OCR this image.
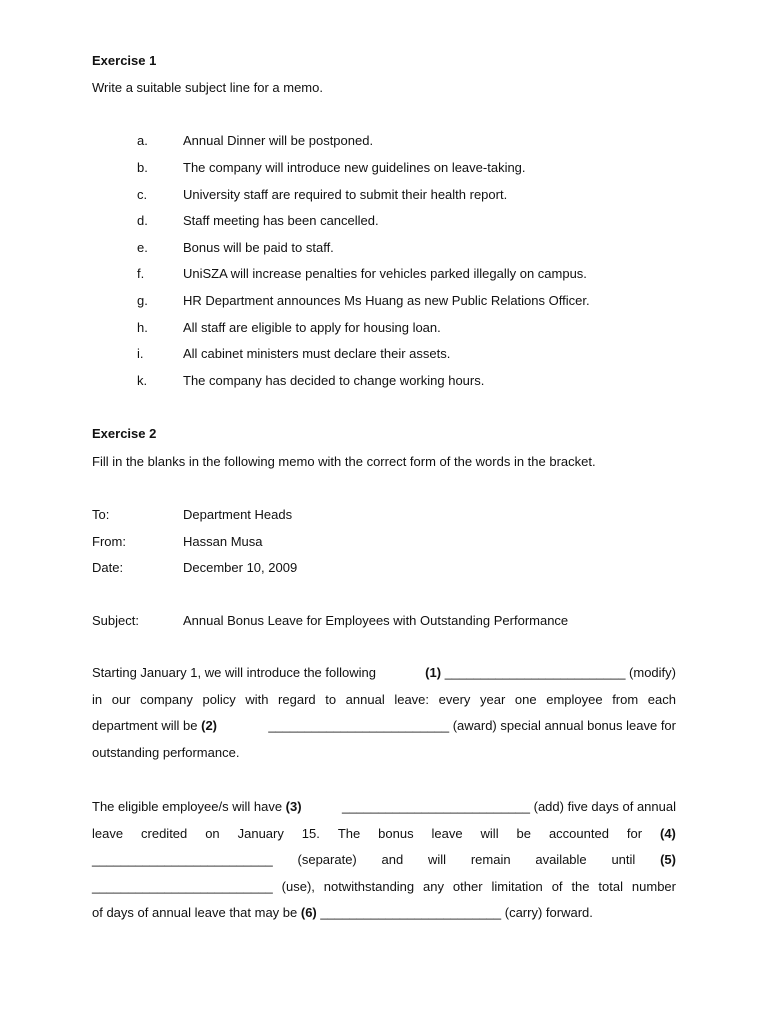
Exercise 1
Write a suitable subject line for a memo.
a.	Annual Dinner will be postponed.
b.	The company will introduce new guidelines on leave-taking.
c.	University staff are required to submit their health report.
d.	Staff meeting has been cancelled.
e.	Bonus will be paid to staff.
f.	UniSZA will increase penalties for vehicles parked illegally on campus.
g.	HR Department announces Ms Huang as new Public Relations Officer.
h.	All staff are eligible to apply for housing loan.
i.	All cabinet ministers must declare their assets.
k.	The company has decided to change working hours.
Exercise 2
Fill in the blanks in the following memo with the correct form of the words in the bracket.
To:	Department Heads
From:	Hassan Musa
Date:	December 10, 2009
Subject:	Annual Bonus Leave for Employees with Outstanding Performance
Starting January 1, we will introduce the following	(1) _________________________ (modify)
in our company policy with regard to annual leave: every year one employee from each
department will be (2)	_________________________ (award) special annual bonus leave for
outstanding performance.
The eligible employee/s will have (3)	__________________________ (add) five days of annual
leave credited on January 15. The bonus leave will be accounted for (4)
_________________________ (separate) and will remain available until (5)
_________________________ (use), notwithstanding any other limitation of the total number
of days of annual leave that may be (6) _________________________ (carry) forward.
